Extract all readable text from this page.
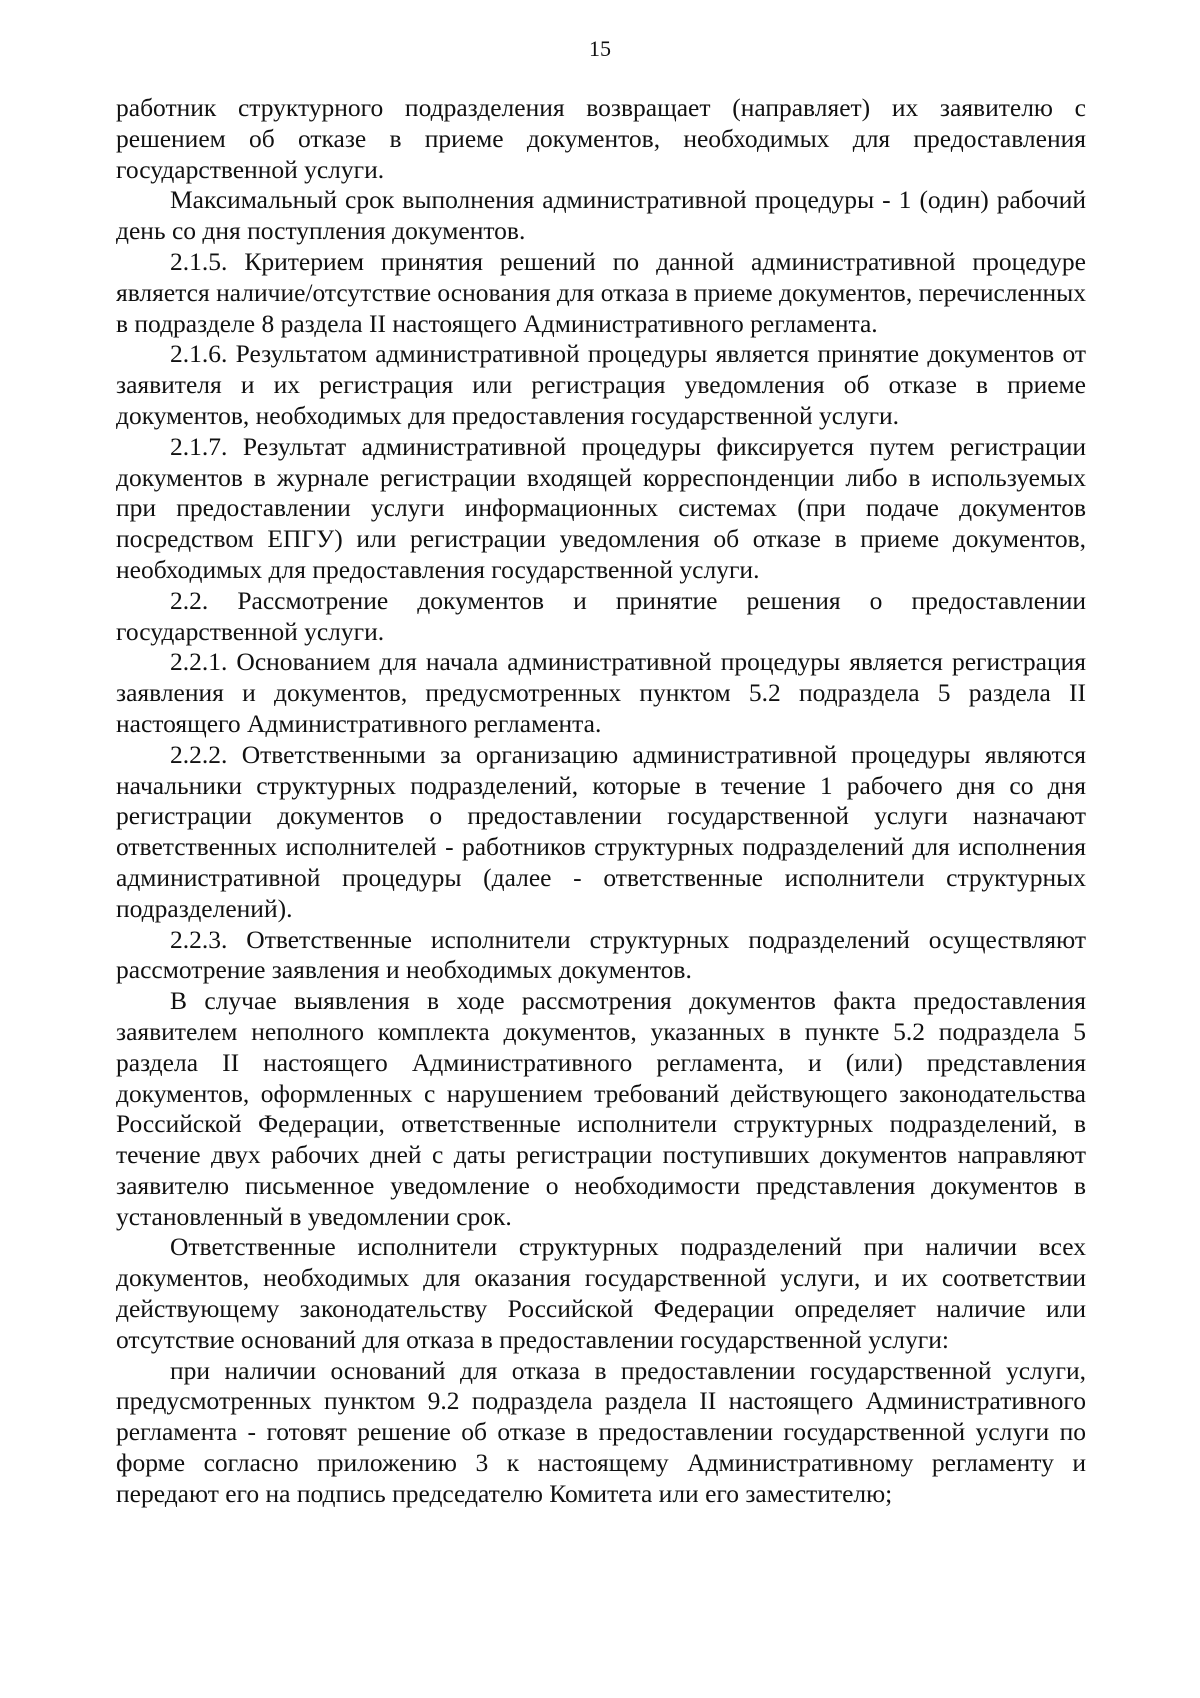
15

работник структурного подразделения возвращает (направляет) их заявителю с решением об отказе в приеме документов, необходимых для предоставления государственной услуги.

Максимальный срок выполнения административной процедуры - 1 (один) рабочий день со дня поступления документов.

2.1.5. Критерием принятия решений по данной административной процедуре является наличие/отсутствие основания для отказа в приеме документов, перечисленных в подразделе 8 раздела II настоящего Административного регламента.

2.1.6. Результатом административной процедуры является принятие документов от заявителя и их регистрация или регистрация уведомления об отказе в приеме документов, необходимых для предоставления государственной услуги.

2.1.7. Результат административной процедуры фиксируется путем регистрации документов в журнале регистрации входящей корреспонденции либо в используемых при предоставлении услуги информационных системах (при подаче документов посредством ЕПГУ) или регистрации уведомления об отказе в приеме документов, необходимых для предоставления государственной услуги.

2.2. Рассмотрение документов и принятие решения о предоставлении государственной услуги.

2.2.1. Основанием для начала административной процедуры является регистрация заявления и документов, предусмотренных пунктом 5.2 подраздела 5 раздела II настоящего Административного регламента.

2.2.2. Ответственными за организацию административной процедуры являются начальники структурных подразделений, которые в течение 1 рабочего дня со дня регистрации документов о предоставлении государственной услуги назначают ответственных исполнителей - работников структурных подразделений для исполнения административной процедуры (далее - ответственные исполнители структурных подразделений).

2.2.3. Ответственные исполнители структурных подразделений осуществляют рассмотрение заявления и необходимых документов.

В случае выявления в ходе рассмотрения документов факта предоставления заявителем неполного комплекта документов, указанных в пункте 5.2 подраздела 5 раздела II настоящего Административного регламента, и (или) представления документов, оформленных с нарушением требований действующего законодательства Российской Федерации, ответственные исполнители структурных подразделений, в течение двух рабочих дней с даты регистрации поступивших документов направляют заявителю письменное уведомление о необходимости представления документов в установленный в уведомлении срок.

Ответственные исполнители структурных подразделений при наличии всех документов, необходимых для оказания государственной услуги, и их соответствии действующему законодательству Российской Федерации определяет наличие или отсутствие оснований для отказа в предоставлении государственной услуги:

при наличии оснований для отказа в предоставлении государственной услуги, предусмотренных пунктом 9.2 подраздела раздела II настоящего Административного регламента - готовят решение об отказе в предоставлении государственной услуги по форме согласно приложению 3 к настоящему Административному регламенту и передают его на подпись председателю Комитета или его заместителю;
